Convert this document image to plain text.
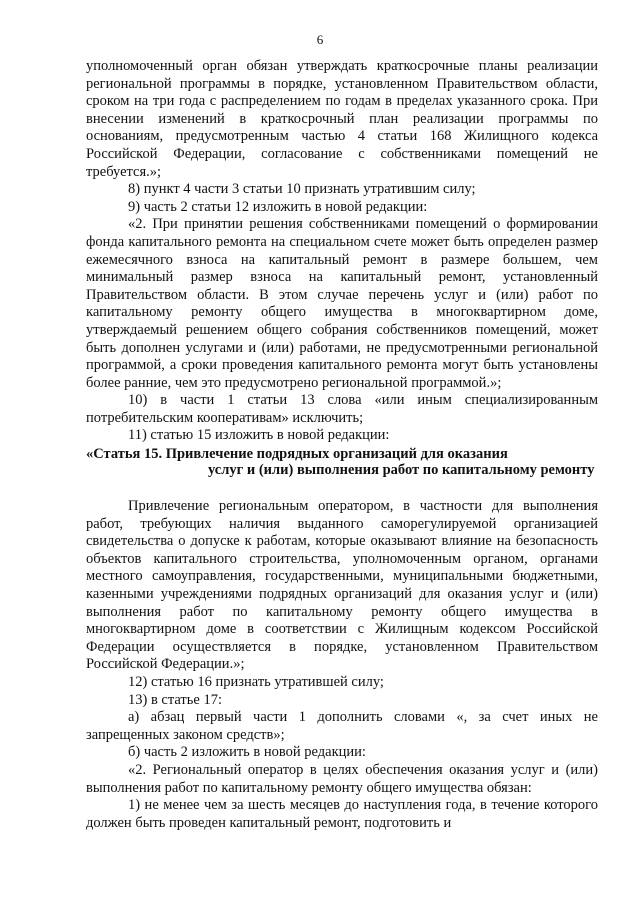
6

уполномоченный орган обязан утверждать краткосрочные планы реализации региональной программы в порядке, установленном Правительством области, сроком на три года с распределением по годам в пределах указанного срока. При внесении изменений в краткосрочный план реализации программы по основаниям, предусмотренным частью 4 статьи 168 Жилищного кодекса Российской Федерации, согласование с собственниками помещений не требуется.»;

8) пункт 4 части 3 статьи 10 признать утратившим силу;

9) часть 2 статьи 12 изложить в новой редакции:

«2. При принятии решения собственниками помещений о формировании фонда капитального ремонта на специальном счете может быть определен размер ежемесячного взноса на капитальный ремонт в размере большем, чем минимальный размер взноса на капитальный ремонт, установленный Правительством области. В этом случае перечень услуг и (или) работ по капитальному ремонту общего имущества в многоквартирном доме, утверждаемый решением общего собрания собственников помещений, может быть дополнен услугами и (или) работами, не предусмотренными региональной программой, а сроки проведения капитального ремонта могут быть установлены более ранние, чем это предусмотрено региональной программой.»;

10) в части 1 статьи 13 слова «или иным специализированным потребительским кооперативам» исключить;

11) статью 15 изложить в новой редакции:

«Статья 15. Привлечение подрядных организаций для оказания
услуг и (или) выполнения работ по капитальному ремонту

Привлечение региональным оператором, в частности для выполнения работ, требующих наличия выданного саморегулируемой организацией свидетельства о допуске к работам, которые оказывают влияние на безопасность объектов капитального строительства, уполномоченным органом, органами местного самоуправления, государственными, муниципальными бюджетными, казенными учреждениями подрядных организаций для оказания услуг и (или) выполнения работ по капитальному ремонту общего имущества в многоквартирном доме в соответствии с Жилищным кодексом Российской Федерации осуществляется в порядке, установленном Правительством Российской Федерации.»;

12) статью 16 признать утратившей силу;

13) в статье 17:

а) абзац первый части 1 дополнить словами «, за счет иных не запрещенных законом средств»;

б) часть 2 изложить в новой редакции:

«2. Региональный оператор в целях обеспечения оказания услуг и (или) выполнения работ по капитальному ремонту общего имущества обязан:

1) не менее чем за шесть месяцев до наступления года, в течение которого должен быть проведен капитальный ремонт, подготовить и
